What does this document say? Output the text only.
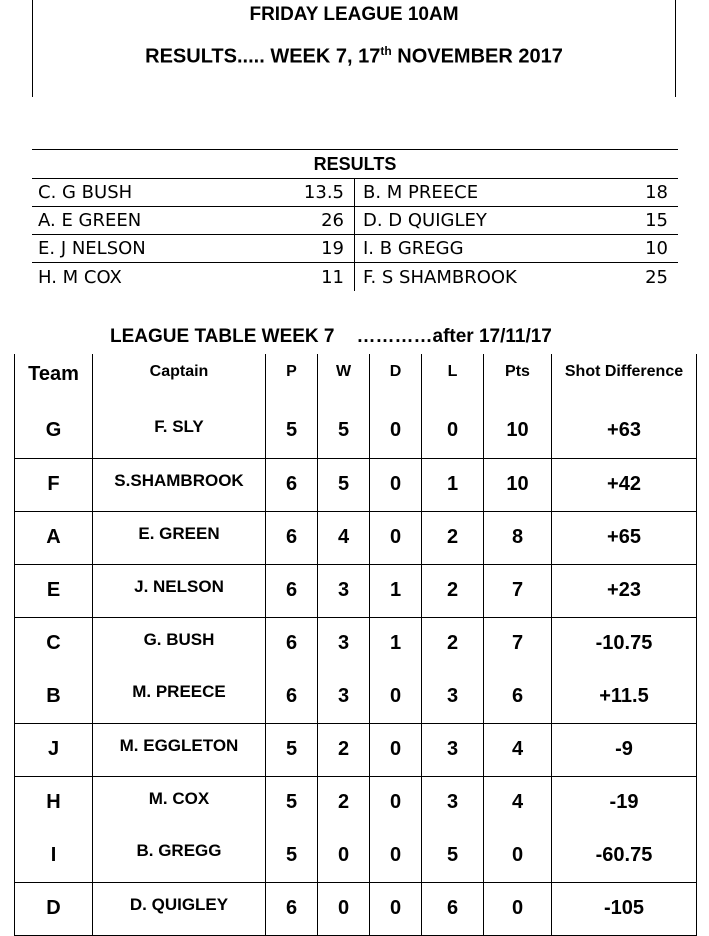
FRIDAY LEAGUE 10AM
RESULTS..... WEEK 7, 17th NOVEMBER 2017
RESULTS
C. G BUSH	13.5 B. M PREECE	18
A. E GREEN	26 D. D QUIGLEY	15
E. J NELSON	19 I. B GREGG	10
H. M COX	11 F. S SHAMBROOK	25
LEAGUE TABLE WEEK 7 …………after 17/11/17
Team	Captain	P	W	D	L	Pts	Shot Difference
G	F. SLY	5	5	0	0	10	+63
F	S.SHAMBROOK	6	5	0	1	10	+42
A	E. GREEN	6	4	0	2	8	+65
E	J. NELSON	6	3	1	2	7	+23
C	G. BUSH	6	3	1	2	7	-10.75
B	M. PREECE	6	3	0	3	6	+11.5
J	M. EGGLETON	5	2	0	3	4	-9
H	M. COX	5	2	0	3	4	-19
I	B. GREGG	5	0	0	5	0	-60.75
D	D. QUIGLEY	6	0	0	6	0	-105
